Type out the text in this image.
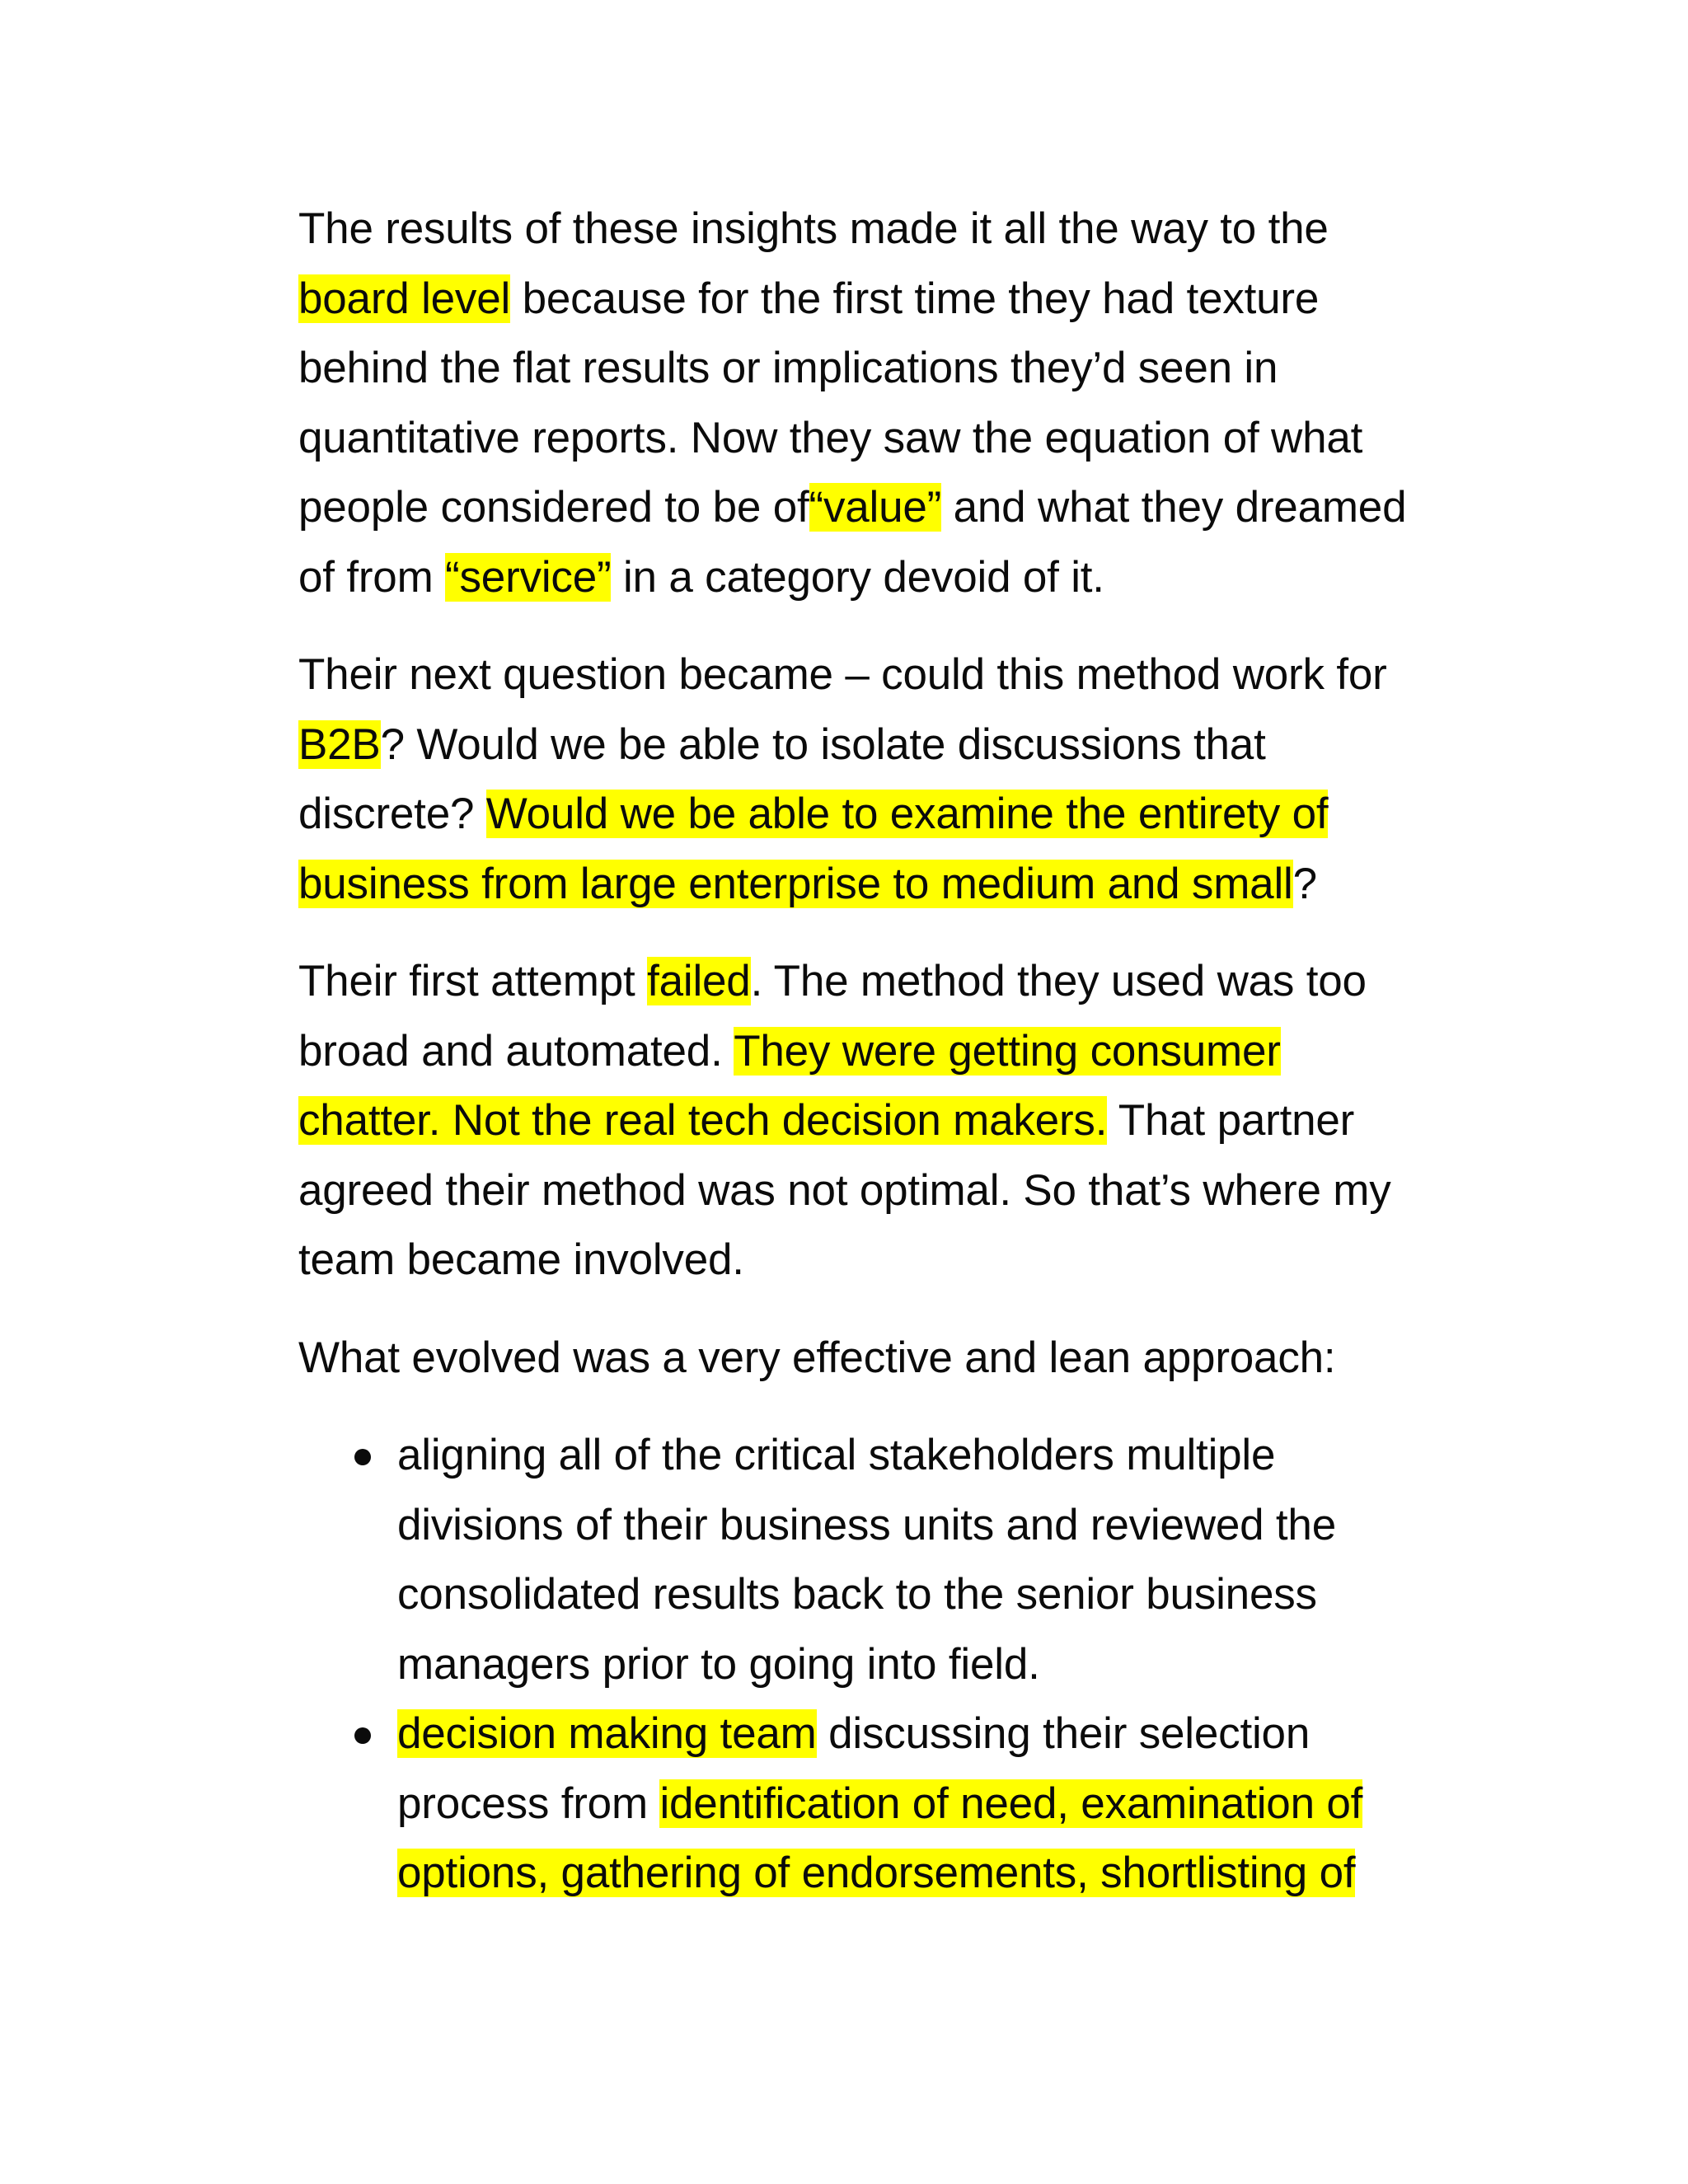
The results of these insights made it all the way to the
board level because for the first time they had texture
behind the flat results or implications they’d seen in
quantitative reports. Now they saw the equation of what
people considered to be of“value” and what they dreamed
of from “service” in a category devoid of it.

Their next question became – could this method work for
B2B? Would we be able to isolate discussions that
discrete? Would we be able to examine the entirety of
business from large enterprise to medium and small?

Their first attempt failed. The method they used was too
broad and automated. They were getting consumer
chatter. Not the real tech decision makers. That partner
agreed their method was not optimal. So that’s where my
team became involved.

What evolved was a very effective and lean approach:

aligning all of the critical stakeholders multiple
divisions of their business units and reviewed the
consolidated results back to the senior business
managers prior to going into field.
decision making team discussing their selection
process from identification of need, examination of
options, gathering of endorsements, shortlisting of
